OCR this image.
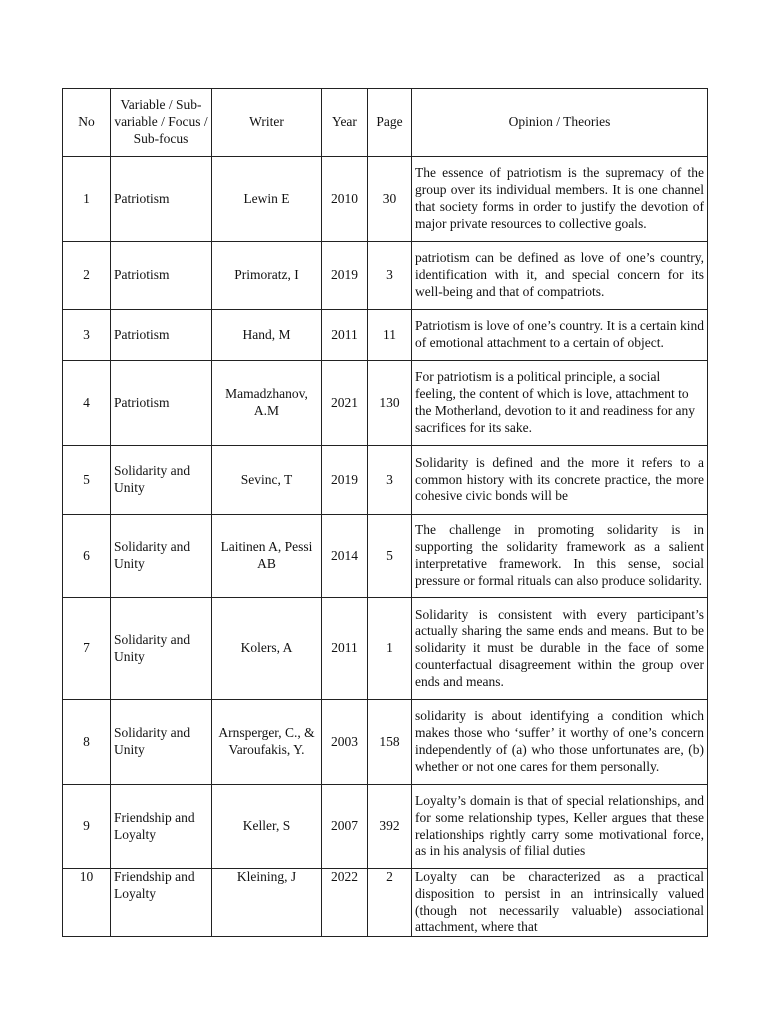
No	Variable / Sub-variable / Focus / Sub-focus	Writer	Year	Page	Opinion / Theories
1	Patriotism	Lewin E	2010	30	The essence of patriotism is the supremacy of the group over its individual members. It is one channel that society forms in order to justify the devotion of major private resources to collective goals.
2	Patriotism	Primoratz, I	2019	3	patriotism can be defined as love of one’s country, identification with it, and special concern for its well-being and that of compatriots.
3	Patriotism	Hand, M	2011	11	Patriotism is love of one’s country. It is a certain kind of emotional attachment to a certain of object.
4	Patriotism	Mamadzhanov, A.M	2021	130	For patriotism is a political principle, a social feeling, the content of which is love, attachment to the Motherland, devotion to it and readiness for any sacrifices for its sake.
5	Solidarity and Unity	Sevinc, T	2019	3	Solidarity is defined and the more it refers to a common history with its concrete practice, the more cohesive civic bonds will be
6	Solidarity and Unity	Laitinen A, Pessi AB	2014	5	The challenge in promoting solidarity is in supporting the solidarity framework as a salient interpretative framework. In this sense, social pressure or formal rituals can also produce solidarity.
7	Solidarity and Unity	Kolers, A	2011	1	Solidarity is consistent with every participant’s actually sharing the same ends and means. But to be solidarity it must be durable in the face of some counterfactual disagreement within the group over ends and means.
8	Solidarity and Unity	Arnsperger, C., & Varoufakis, Y.	2003	158	solidarity is about identifying a condition which makes those who ‘suffer’ it worthy of one’s concern independently of (a) who those unfortunates are, (b) whether or not one cares for them personally.
9	Friendship and Loyalty	Keller, S	2007	392	Loyalty’s domain is that of special relationships, and for some relationship types, Keller argues that these relationships rightly carry some motivational force, as in his analysis of filial duties
10	Friendship and Loyalty	Kleining, J	2022	2	Loyalty can be characterized as a practical disposition to persist in an intrinsically valued (though not necessarily valuable) associational attachment, where that
